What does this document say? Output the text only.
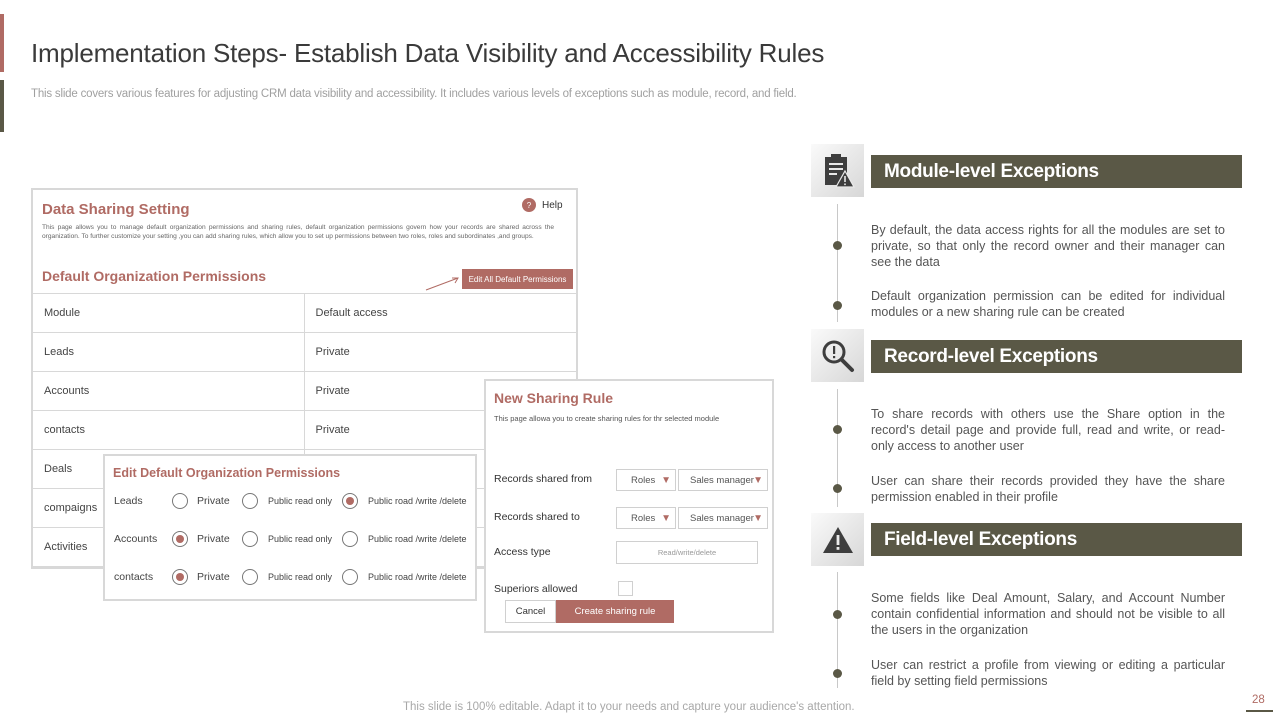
Implementation Steps- Establish Data Visibility and Accessibility Rules
This slide covers various features for adjusting CRM data visibility and accessibility. It includes various levels of exceptions such as module, record, and field.
Data Sharing Setting	?	Help
This page allows you to manage default organization permissions and sharing rules, default organization permissions govern how your records are shared across the organization. To further customize your setting ,you can add sharing rules, which allow you to set up permissions between two roles, roles and subordinates ,and groups.
Default Organization Permissions	Edit All Default Permissions
Module	Default access
Leads	Private
Accounts	Private
contacts	Private
Deals	
compaigns	
Activities	
Edit Default Organization Permissions
Leads	Private	Public read only	Public road /write /delete
Accounts	Private	Public read only	Public road /write /delete
contacts	Private	Public read only	Public road /write /delete
New Sharing Rule
This page allowa you to create sharing rules for thr selected module
Records shared from	Roles ▼ Sales manager ▼
Records shared to	Roles ▼ Sales manager ▼
Access type	Read/write/delete
Superiors allowed
Cancel	Create sharing rule
Module-level Exceptions
By default, the data access rights for all the modules are set to private, so that only the record owner and their manager can see the data
Default organization permission can be edited for individual modules or a new sharing rule can be created
Record-level Exceptions
To share records with others use the Share option in the record's detail page and provide full, read and write, or read-only access to another user
User can share their records provided they have the share permission enabled in their profile
Field-level Exceptions
Some fields like Deal Amount, Salary, and Account Number contain confidential information and should not be visible to all the users in the organization
User can restrict a profile from viewing or editing a particular field by setting field permissions
This slide is 100% editable. Adapt it to your needs and capture your audience's attention.
28
